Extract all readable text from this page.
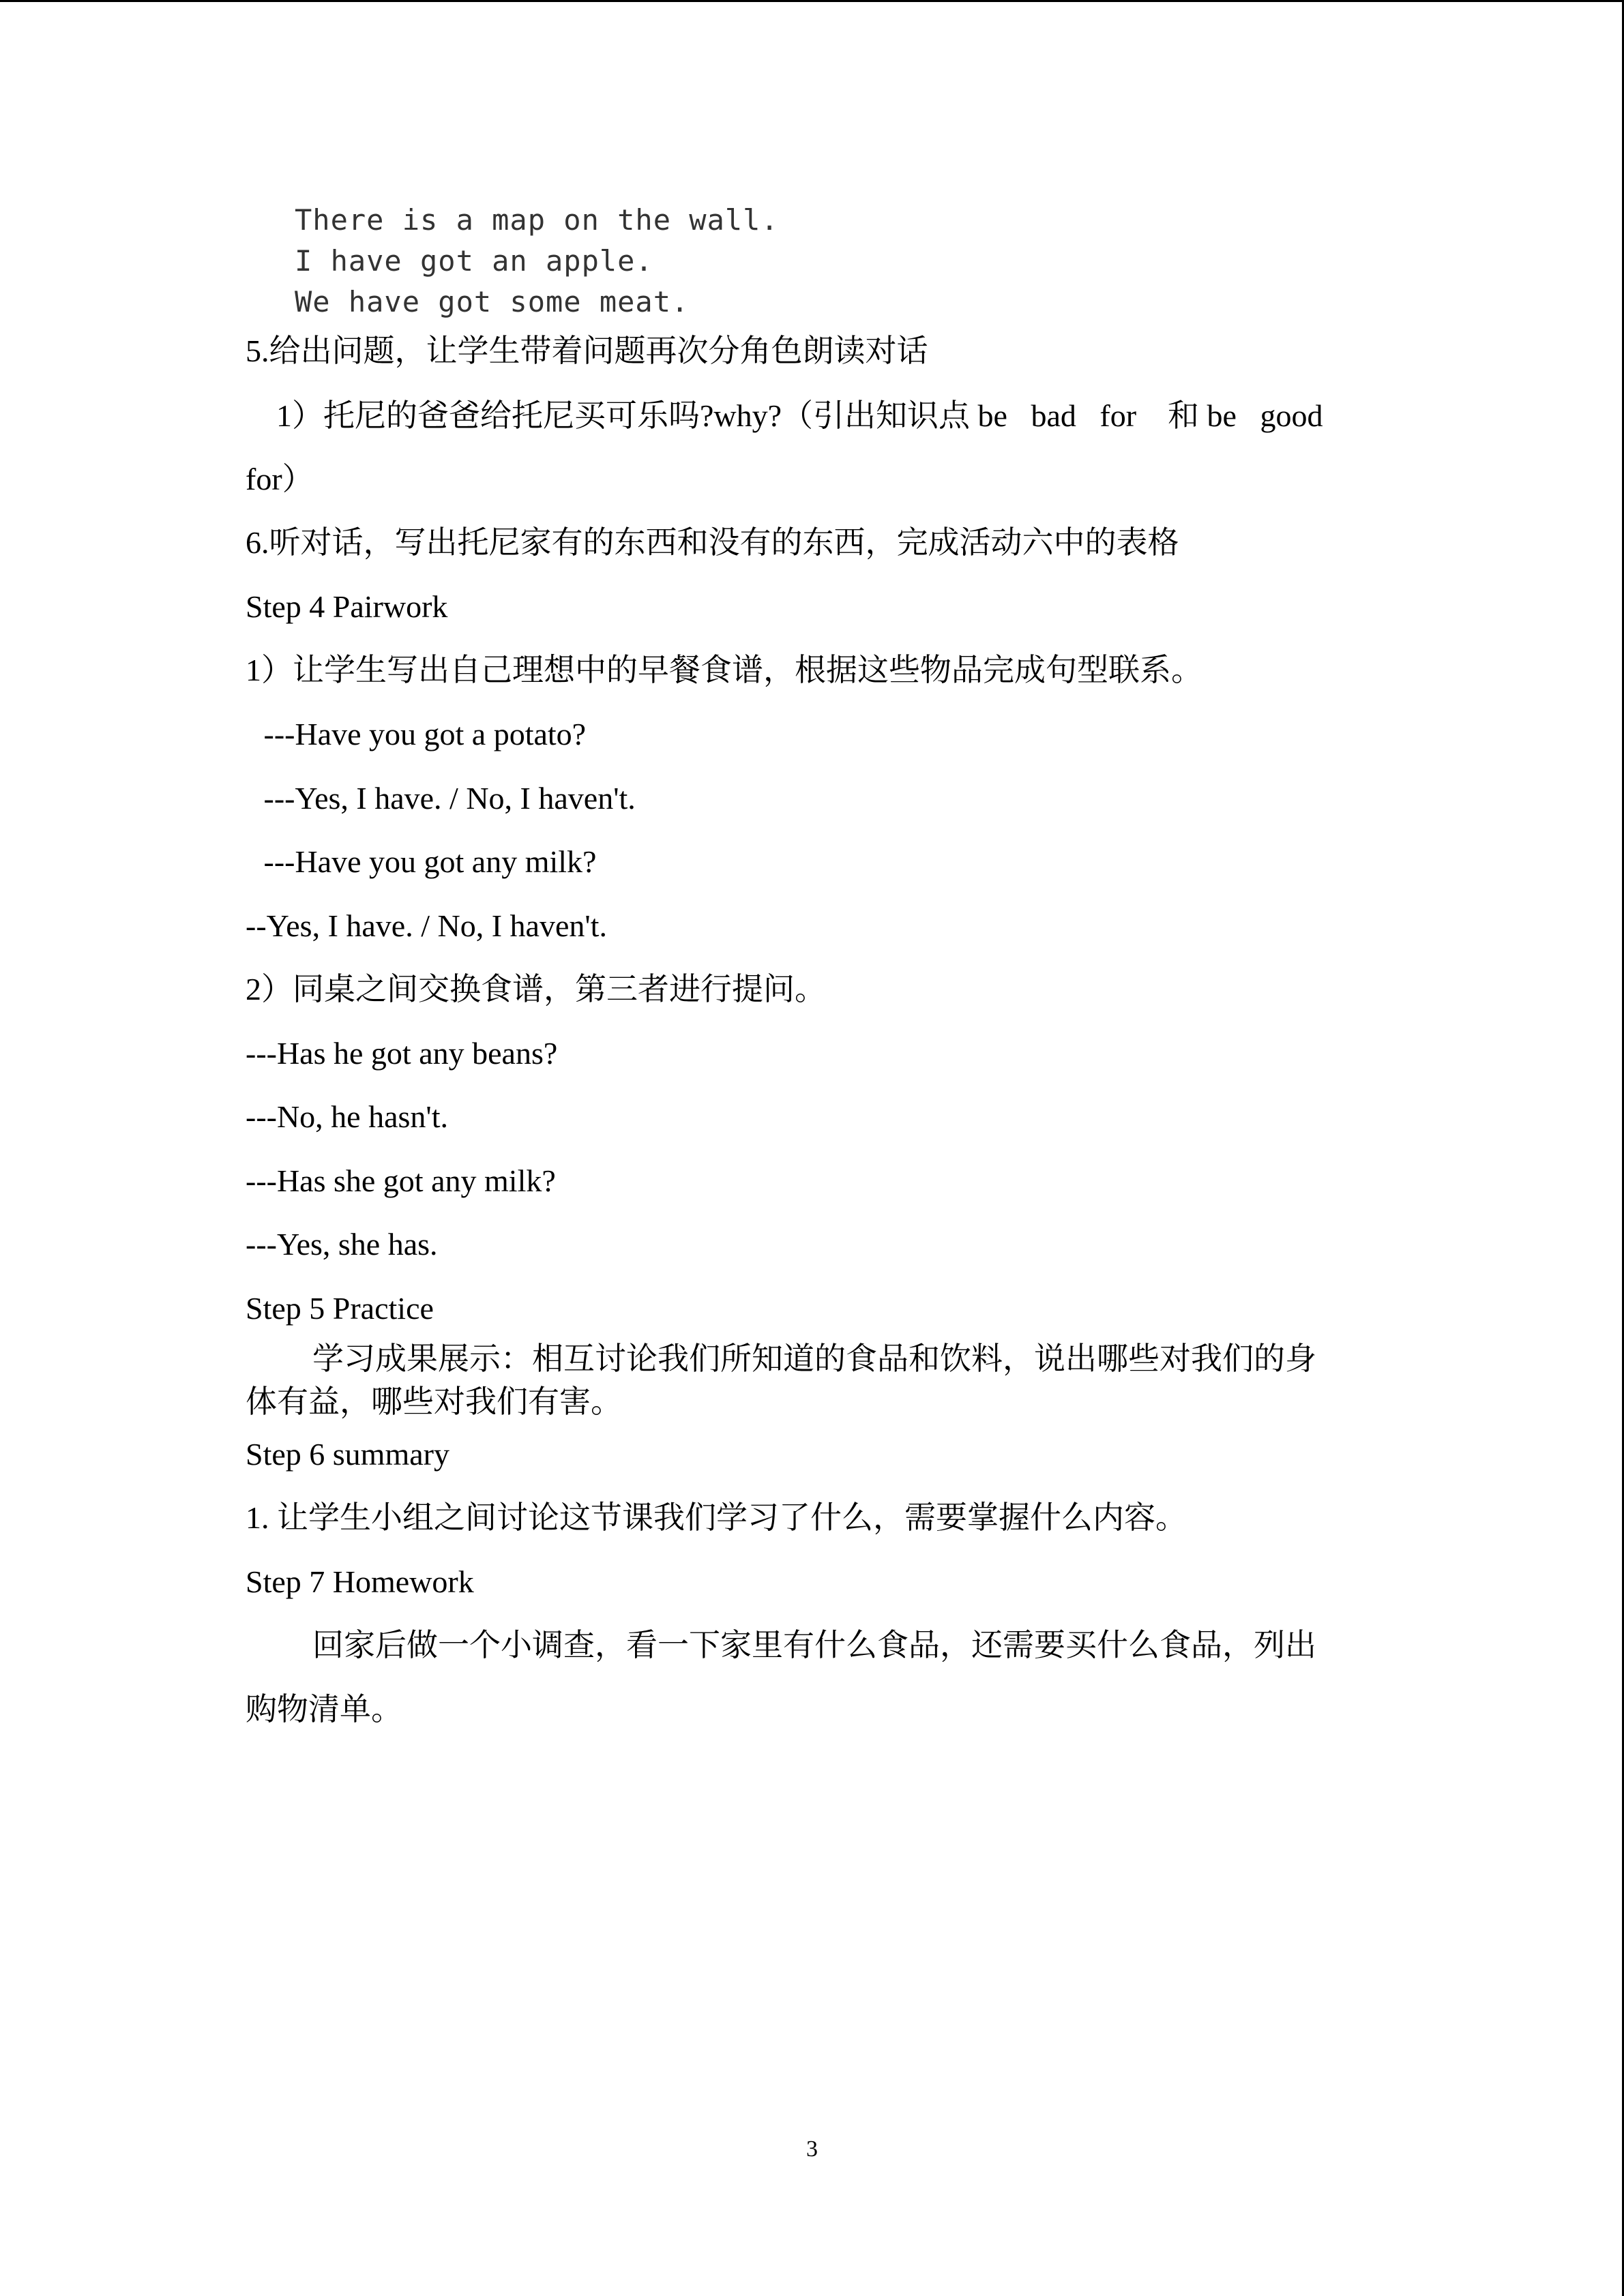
There is a map on the wall.
I have got an apple.
We have got some meat.
5.给出问题，让学生带着问题再次分角色朗读对话
1）托尼的爸爸给托尼买可乐吗?why?（引出知识点 be   bad   for    和 be   good
for）
6.听对话，写出托尼家有的东西和没有的东西，完成活动六中的表格
Step 4 Pairwork
1）让学生写出自己理想中的早餐食谱，根据这些物品完成句型联系。
---Have you got a potato?
---Yes, I have. / No, I haven't.
---Have you got any milk?
--Yes, I have. / No, I haven't.
2）同桌之间交换食谱，第三者进行提问。
---Has he got any beans?
---No, he hasn't.
---Has she got any milk?
---Yes, she has.
Step 5 Practice
学习成果展示：相互讨论我们所知道的食品和饮料，说出哪些对我们的身
体有益，哪些对我们有害。
Step 6 summary
1. 让学生小组之间讨论这节课我们学习了什么，需要掌握什么内容。
Step 7 Homework
回家后做一个小调查，看一下家里有什么食品，还需要买什么食品，列出
购物清单。
3
